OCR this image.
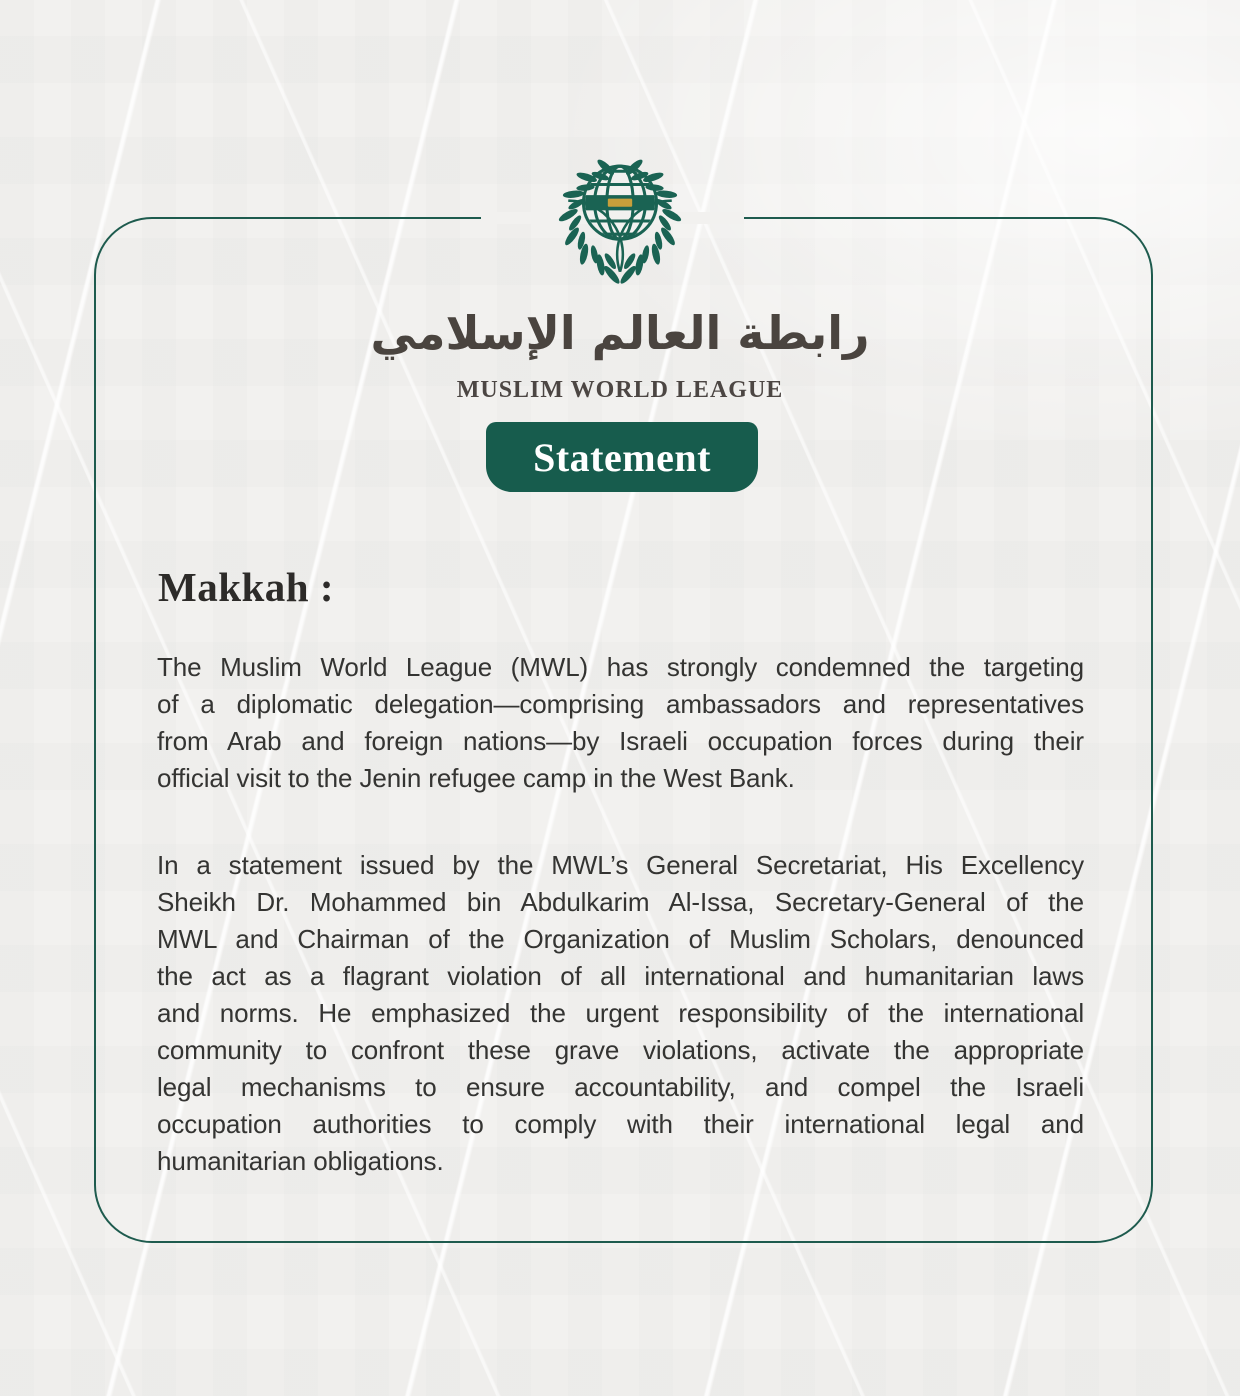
رابطة العالم الإسلامي
MUSLIM WORLD LEAGUE
Statement
Makkah :
The Muslim World League (MWL) has strongly condemned the targeting
of a diplomatic delegation—comprising ambassadors and representatives
from Arab and foreign nations—by Israeli occupation forces during their
official visit to the Jenin refugee camp in the West Bank.
In a statement issued by the MWL’s General Secretariat, His Excellency
Sheikh Dr. Mohammed bin Abdulkarim Al-Issa, Secretary-General of the
MWL and Chairman of the Organization of Muslim Scholars, denounced
the act as a flagrant violation of all international and humanitarian laws
and norms. He emphasized the urgent responsibility of the international
community to confront these grave violations, activate the appropriate
legal mechanisms to ensure accountability, and compel the Israeli
occupation authorities to comply with their international legal and
humanitarian obligations.
